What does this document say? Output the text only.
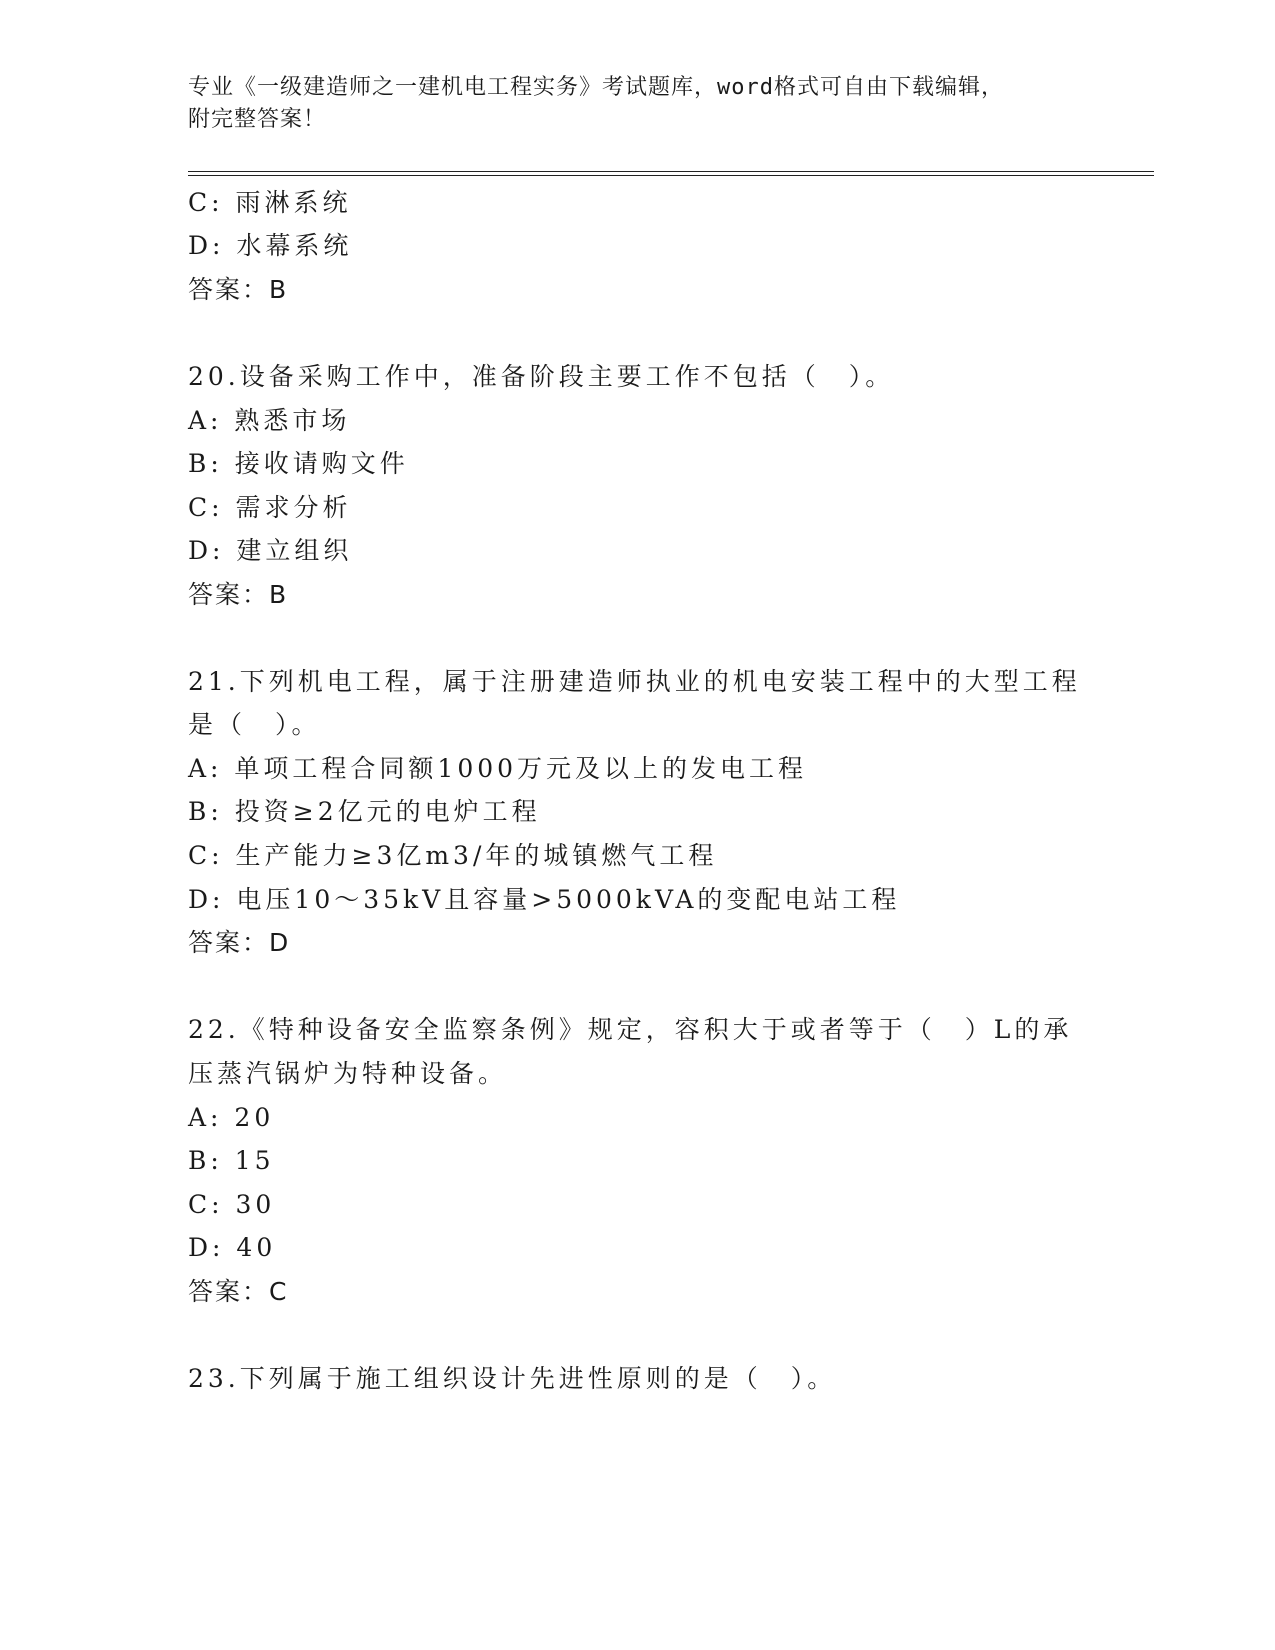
专业《一级建造师之一建机电工程实务》考试题库，word格式可自由下载编辑，
附完整答案！
C: 雨淋系统
D: 水幕系统
答案：B
20.设备采购工作中，准备阶段主要工作不包括（　）。
A: 熟悉市场
B: 接收请购文件
C: 需求分析
D: 建立组织
答案：B
21.下列机电工程，属于注册建造师执业的机电安装工程中的大型工程
是（　）。
A: 单项工程合同额1000万元及以上的发电工程
B: 投资≥2亿元的电炉工程
C: 生产能力≥3亿m3/年的城镇燃气工程
D: 电压10～35kV且容量>5000kVA的变配电站工程
答案：D
22.《特种设备安全监察条例》规定，容积大于或者等于（　）L的承
压蒸汽锅炉为特种设备。
A: 20
B: 15
C: 30
D: 40
答案：C
23.下列属于施工组织设计先进性原则的是（　）。
